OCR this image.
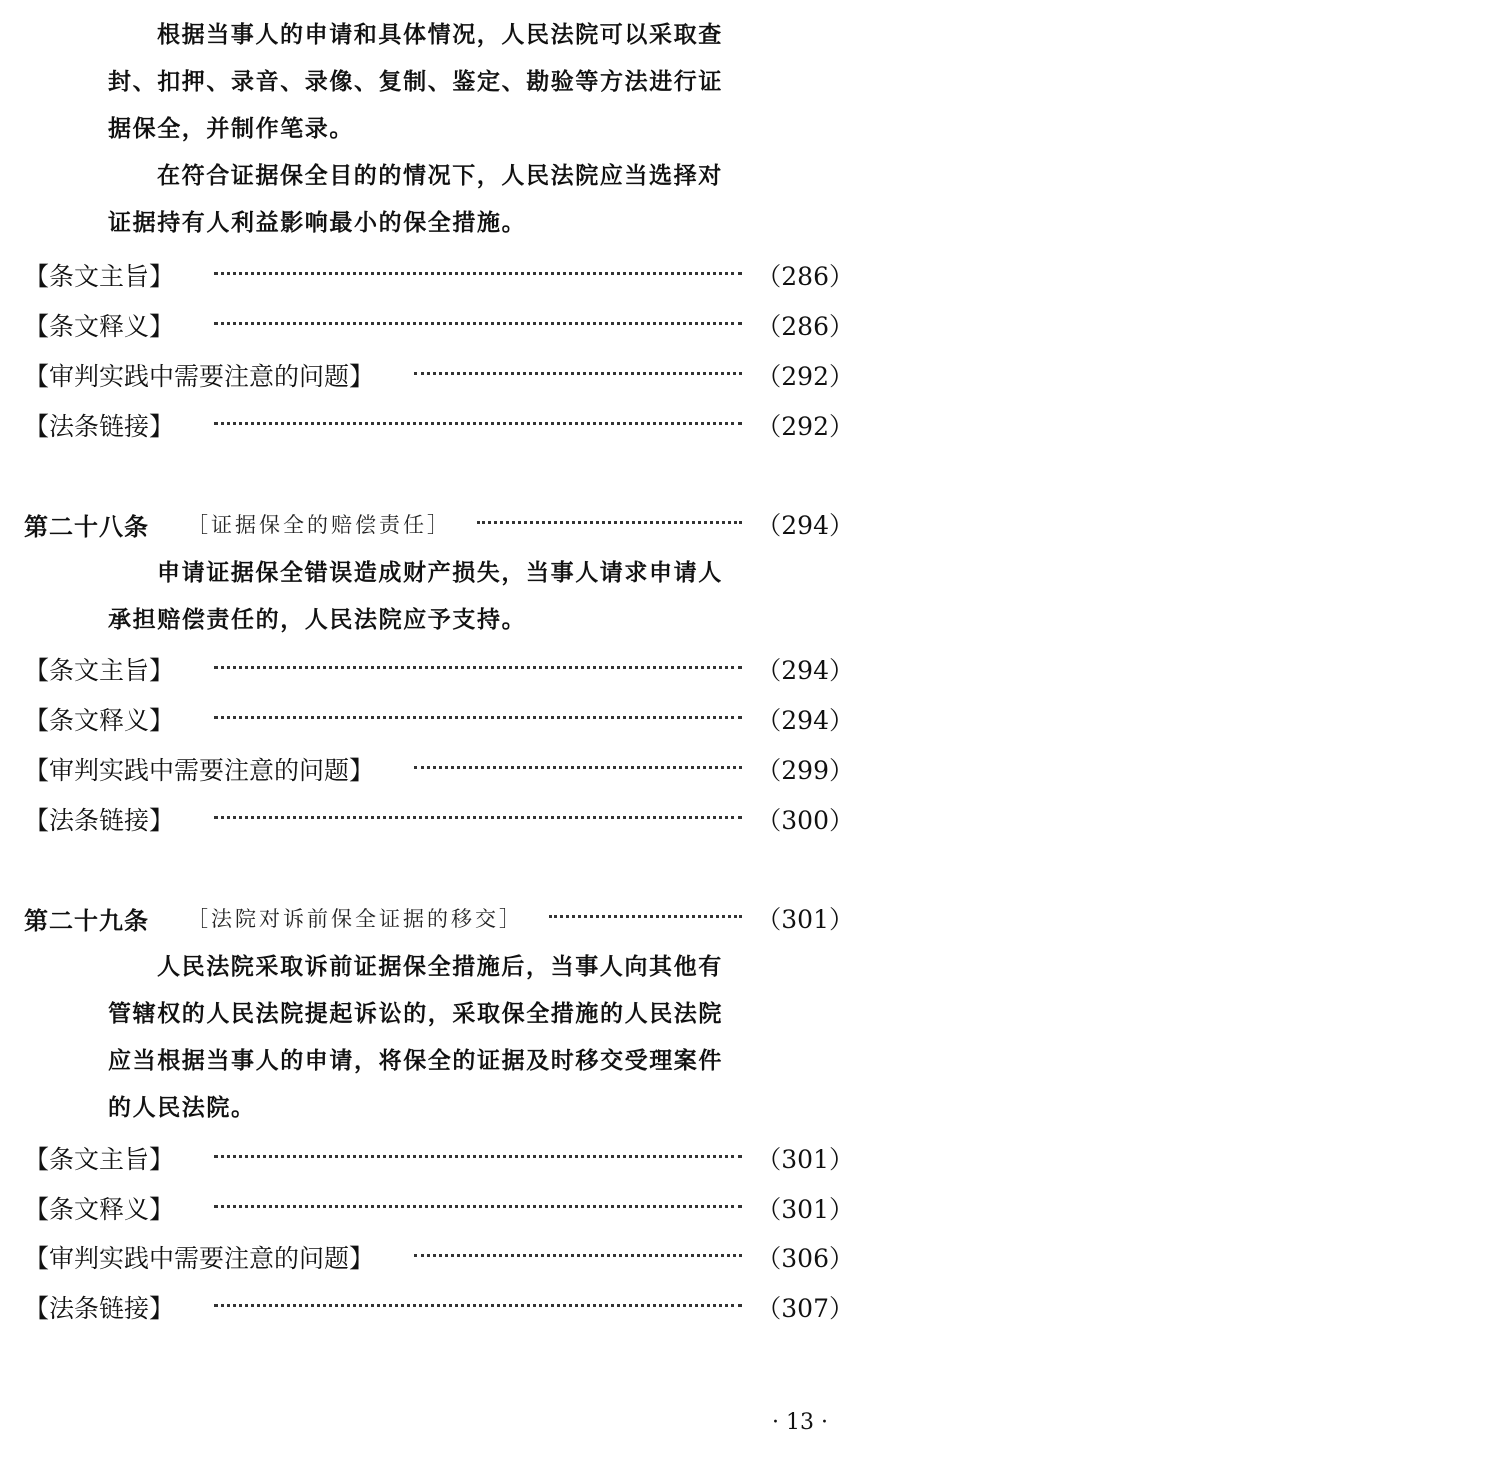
根据当事人的申请和具体情况，人民法院可以采取查
封、扣押、录音、录像、复制、鉴定、勘验等方法进行证
据保全，并制作笔录。
在符合证据保全目的的情况下，人民法院应当选择对
证据持有人利益影响最小的保全措施。
【条文主旨】	（286）
【条文释义】	（286）
【审判实践中需要注意的问题】	（292）
【法条链接】	（292）
第二十八条 ［证据保全的赔偿责任］	（294）
申请证据保全错误造成财产损失，当事人请求申请人
承担赔偿责任的，人民法院应予支持。
【条文主旨】	（294）
【条文释义】	（294）
【审判实践中需要注意的问题】	（299）
【法条链接】	（300）
第二十九条 ［法院对诉前保全证据的移交］	（301）
人民法院采取诉前证据保全措施后，当事人向其他有
管辖权的人民法院提起诉讼的，采取保全措施的人民法院
应当根据当事人的申请，将保全的证据及时移交受理案件
的人民法院。
【条文主旨】	（301）
【条文释义】	（301）
【审判实践中需要注意的问题】	（306）
【法条链接】	（307）
· 13 ·
